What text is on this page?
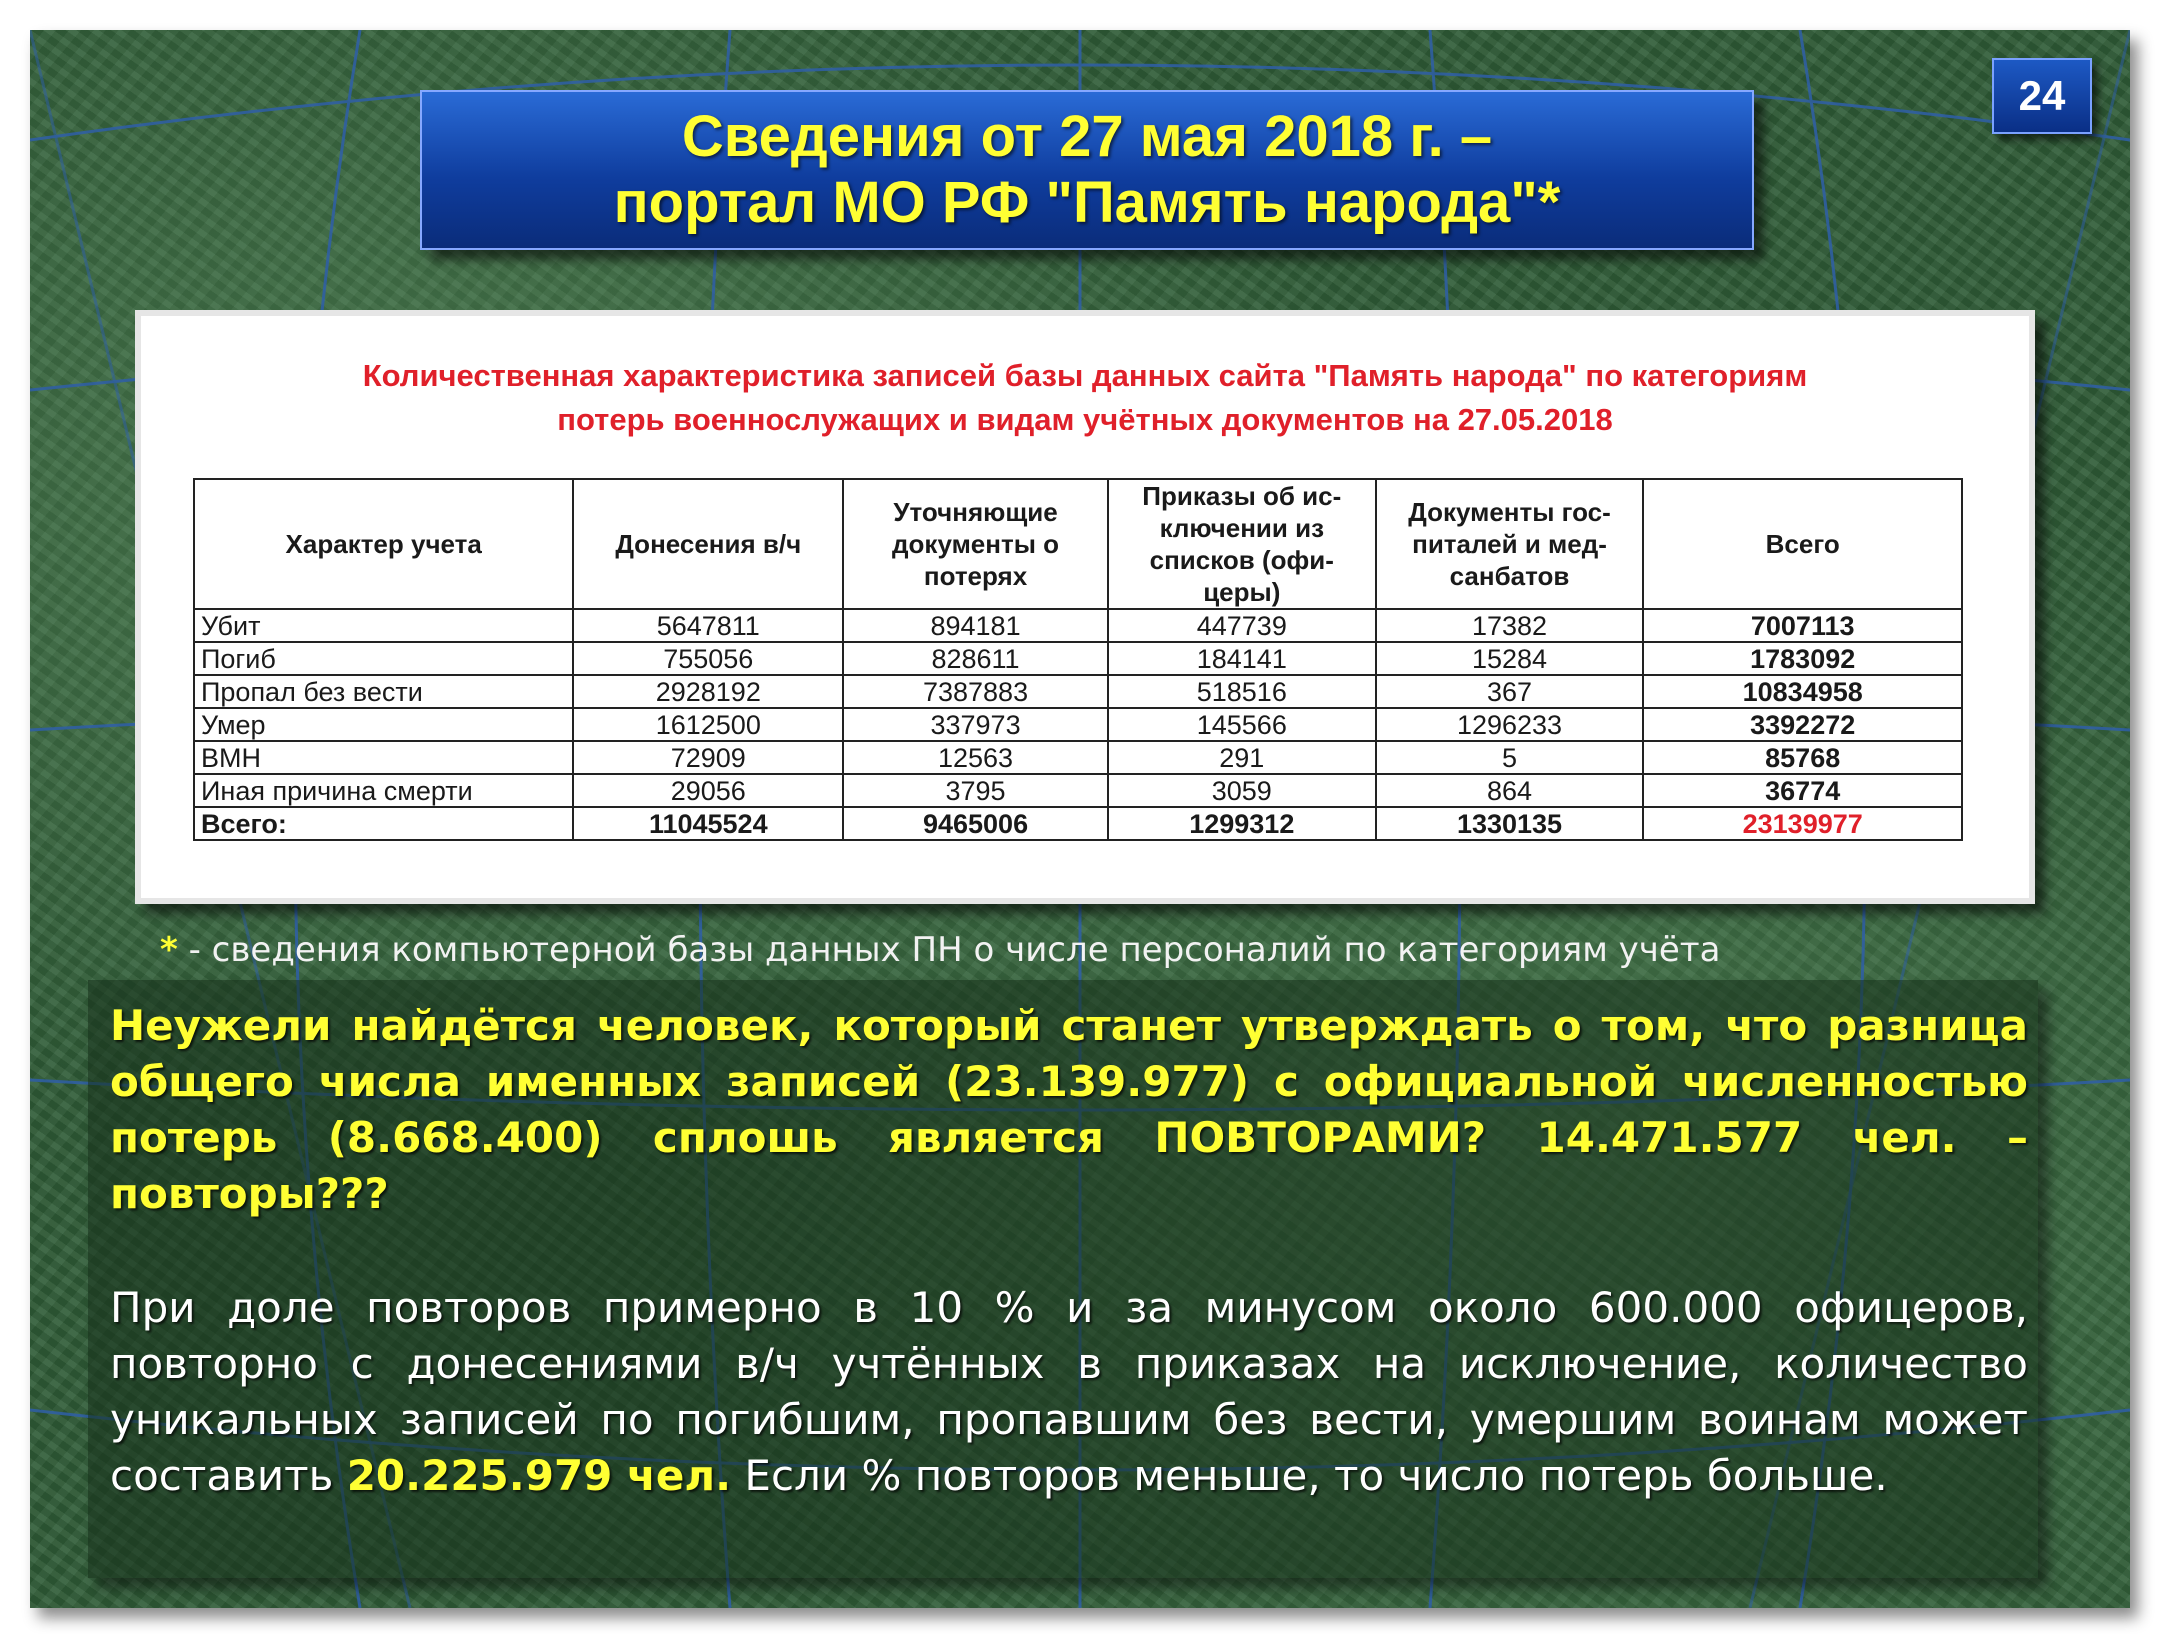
24
Сведения от 27 мая 2018 г. –
портал МО РФ "Память народа"*
Количественная характеристика записей базы данных сайта "Память народа" по категориям
потерь военнослужащих и видам учётных документов на 27.05.2018
Характер учета	Донесения в/ч	Уточняющие документы о потерях	Приказы об ис-ключении из списков (офи-церы)	Документы гос-питалей и мед-санбатов	Всего
Убит	5647811	894181	447739	17382	7007113
Погиб	755056	828611	184141	15284	1783092
Пропал без вести	2928192	7387883	518516	367	10834958
Умер	1612500	337973	145566	1296233	3392272
ВМН	72909	12563	291	5	85768
Иная причина смерти	29056	3795	3059	864	36774
Всего:	11045524	9465006	1299312	1330135	23139977
* - сведения компьютерной базы данных ПН о числе персоналий по категориям учёта
Неужели найдётся человек, который станет утверждать о том, что разница общего числа именных записей (23.139.977) с официальной численностью потерь (8.668.400) сплошь является ПОВТОРАМИ? 14.471.577 чел. – повторы???
При доле повторов примерно в 10 % и за минусом около 600.000 офицеров, повторно с донесениями в/ч учтённых в приказах на исключение, количество уникальных записей по погибшим, пропавшим без вести, умершим воинам может составить 20.225.979 чел. Если % повторов меньше, то число потерь больше.
